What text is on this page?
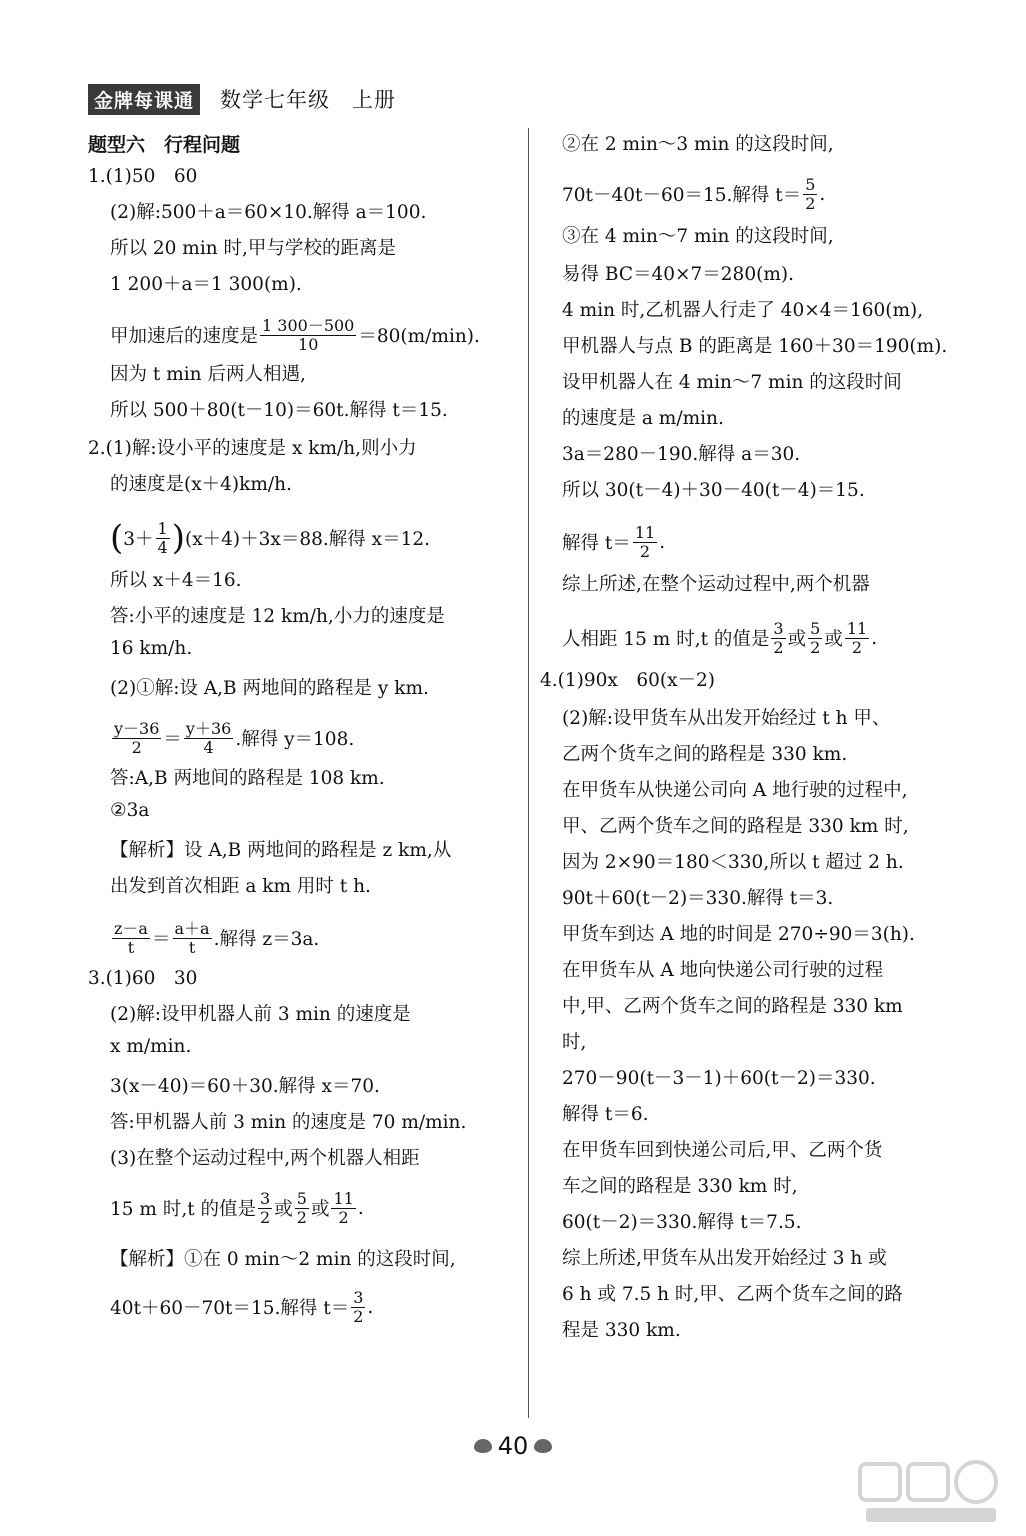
金牌每课通 数学七年级　上册
题型六　行程问题
1.(1)50　60
(2)解:500＋a＝60×10.解得 a＝100.
所以 20 min 时,甲与学校的距离是
1 200＋a＝1 300(m).
甲加速后的速度是 $\frac{1 300-500}{10} =80(m/\min)$.
因为 t min 后两人相遇,
所以 500＋80(t－10)＝60t.解得 t＝15.
2.(1)解:设小平的速度是 x km/h,则小力
的速度是(x＋4)km/h.
( $3+ \frac{1}{4}$ ) (x＋4)＋3x＝88.解得 x＝12.
所以 x＋4＝16.
答:小平的速度是 12 km/h,小力的速度是
16 km/h.
(2)①解:设 A,B 两地间的路程是 y km.
$\frac{y-36}{2} = \frac{y+36}{4}$ .解得 y＝108.
答:A,B 两地间的路程是 108 km.
②3a
【解析】设 A,B 两地间的路程是 z km,从
出发到首次相距 a km 用时 t h.
$\frac{z-a}{t} = \frac{a+a}{t}$ .解得 z＝3a.
3.(1)60　30
(2)解:设甲机器人前 3 min 的速度是
x m/min.
3(x－40)＝60＋30.解得 x＝70.
答:甲机器人前 3 min 的速度是 70 m/min.
(3)在整个运动过程中,两个机器人相距
15 m 时,t 的值是 $\frac{3}{2}$ 或 $\frac{5}{2}$ 或 $\frac{11}{2}$ .
【解析】①在 0 min～2 min 的这段时间,
40t＋60－70t＝15.解得 $t= \frac{3}{2}$ .
②在 2 min～3 min 的这段时间,
70t－40t－60＝15.解得 $t= \frac{5}{2}$ .
③在 4 min～7 min 的这段时间,
易得 BC＝40×7＝280(m).
4 min 时,乙机器人行走了 40×4＝160(m),
甲机器人与点 B 的距离是 160＋30＝190(m).
设甲机器人在 4 min～7 min 的这段时间
的速度是 a m/min.
3a＝280－190.解得 a＝30.
所以 30(t－4)＋30－40(t－4)＝15.
解得 $t= \frac{11}{2}$ .
综上所述,在整个运动过程中,两个机器
人相距 15 m 时,t 的值是 $\frac{3}{2}$ 或 $\frac{5}{2}$ 或 $\frac{11}{2}$ .
4.(1)90x　60(x－2)
(2)解:设甲货车从出发开始经过 t h 甲、
乙两个货车之间的路程是 330 km.
在甲货车从快递公司向 A 地行驶的过程中,
甲、乙两个货车之间的路程是 330 km 时,
因为 2×90＝180＜330,所以 t 超过 2 h.
90t＋60(t－2)＝330.解得 t＝3.
甲货车到达 A 地的时间是 270÷90＝3(h).
在甲货车从 A 地向快递公司行驶的过程
中,甲、乙两个货车之间的路程是 330 km
时,
270－90(t－3－1)＋60(t－2)＝330.
解得 t＝6.
在甲货车回到快递公司后,甲、乙两个货
车之间的路程是 330 km 时,
60(t－2)＝330.解得 t＝7.5.
综上所述,甲货车从出发开始经过 3 h 或
6 h 或 7.5 h 时,甲、乙两个货车之间的路
程是 330 km.
40
